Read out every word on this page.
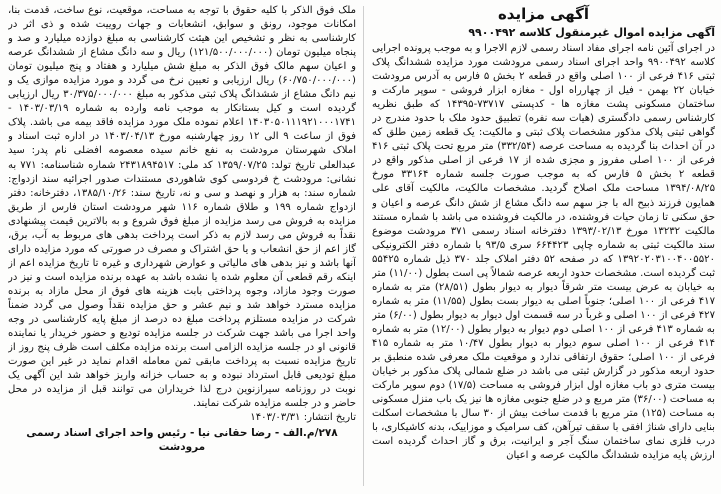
آگهی مزایده
آگهی مزایده اموال غیرمنقول کلاسه ۹۹۰۰۴۹۲
در اجرای آئین نامه اجرای مفاد اسناد رسمی لازم الاجرا و به موجب پرونده اجرایی کلاسه ۹۹۰۰۴۹۲ واحد اجرای اسناد رسمی مرودشت مورد مزایده ششدانگ پلاک ثبتی ۴۱۶ فرعی از ۱۰۰ اصلی واقع در قطعه ۲ بخش ۵ فارس به آدرس مرودشت خیابان ۲۲ بهمن - فیل از چهارراه اول - مغازه ابزار فروشی - سوپر مارکت و ساختمان مسکونی پشت مغازه ها - کدپستی ۷۳۷۱۷-۱۴۳۹۵ که طبق نظریه کارشناس رسمی دادگستری (هیات سه نفره) تطبیق حدود ملک با حدود مندرج در گواهی ثبتی پلاک مذکور مشخصات پلاک ثبتی و مالکیت: یک قطعه زمین طلق که در آن احداث بنا گردیده به مساحت عرصه (۳۳۲/۵۴) متر مربع تحت پلاک ثبتی ۴۱۶ فرعی از ۱۰۰ اصلی مفروز و مجزی شده از ۱۷ فرعی از اصلی مذکور واقع در قطعه ۲ بخش ۵ فارس که به موجب صورت جلسه شماره ۳۳۱۶۴ مورخ ۱۳۹۴/۰۸/۲۵ مساحت ملک اصلاح گردید. مشخصات مالکیت، مالکیت آقای علی همایون فرزند ذبیح اله با جز سهم سه دانگ مشاع از شش دانگ عرصه و اعیان و حق سکنی تا زمان حیات فروشنده، در مالکیت فروشنده می باشد با شماره مستند مالکیت ۱۳۲۳۲ مورخ ۱۳۹۳/۰۲/۱۳ دفترخانه اسناد رسمی ۳۷۱ مرودشت موضوع سند مالکیت ثبتی به شماره چاپی ۶۶۴۴۲۳ سری ۹۳/۵ با شماره دفتر الکترونیکی ۱۳۹۲۰۲۰۳۱۰۰۴۰۰۵۵۲۰ که در صفحه ۵۲ دفتر املاک جلد ۳۷۰ ذیل شماره ۵۵۴۲۵ ثبت گردیده است. مشخصات حدود اربعه عرصه شمالاً پی است بطول (۱۱/۰۰) متر به خیابان به عرض بیست متر شرقاً دیوار به دیوار بطول (۲۸/۵۱) متر به شماره ۴۱۷ فرعی از ۱۰۰ اصلی؛ جنوباً اصلی به دیوار بست بطول (۱۱/۵۵) متر به شماره ۴۲۷ فرعی از ۱۰۰ اصلی و غرباً در سه قسمت اول دیوار به دیوار بطول (۶/۰۰) متر به شماره ۴۱۳ فرعی از ۱۰۰ اصلی دوم دیوار به دیوار بطول (۱۲/۰۰) متر به شماره ۴۱۴ فرعی از ۱۰۰ اصلی سوم دیوار به دیوار بطول ۱۰/۴۷ متر به شماره ۴۱۵ فرعی از ۱۰۰ اصلی؛ حقوق ارتفاقی ندارد و موقعیت ملک معرفی شده منطبق بر حدود اربعه مذکور در گزارش ثبتی می باشد در ضلع شمالی پلاک مذکور بر خیابان بیست متری دو باب مغازه اول ابزار فروشی به مساحت (۱۷/۵) دوم سوپر مارکت به مساحت (۳۶/۰۰) متر مربع و در ضلع جنوبی مغازه ها نیز یک باب منزل مسکونی به مساحت (۱۲۵) متر مربع با قدمت ساخت بیش از ۳۰ سال با مشخصات اسکلت بنایی دارای شناژ افقی با سقف تیرآهن، کف سرامیک و موزاییک، بدنه کاشیکاری، با درب فلزی نمای ساختمان سنگ آجر و ایرانیت، برق و گاز احداث گردیده است ارزش پایه مزایده ششدانگ مالکیت عرصه و اعیان
ملک فوق الذکر با کلیه حقوق با توجه به مساحت، موقعیت، نوع ساخت، قدمت بنا، امکانات موجود، رونق و سوابق، انشعابات و جهات روییت شده و ذی اثر در کارشناسی به نظر و تشخیص این هیئت کارشناسی به مبلغ دوازده میلیارد و صد و پنجاه میلیون تومان (۱۲۱/۵۰۰/۰۰۰/۰۰۰) ریال و سه دانگ مشاع از ششدانگ عرصه و اعیان سهم مالک فوق الذکر به مبلغ شش میلیارد و هفتاد و پنج میلیون تومان (۶۰/۷۵۰/۰۰۰/۰۰۰) ریال ارزیابی و تعیین نرخ می گردد و مورد مزایده موازی یک و نیم دانگ مشاع از ششدانگ پلاک ثبتی مذکور به مبلغ ۳۰/۳۷۵/۰۰۰/۰۰۰ ریال ارزیابی گردیده است و کیل بستانکار به موجب نامه وارده به شماره ۱۴۰۳/۰۳/۱۹ - ۱۴۰۳۰۵۰۱۱۱۹۲۱۰۰۰۱۷۴۱ اعلام نموده ملک مورد مزایده فاقد بیمه می باشد. پلاک فوق از ساعت ۹ الی ۱۲ روز چهارشنبه مورخ ۱۴۰۳/۰۴/۱۳ در اداره ثبت اسناد و املاک شهرستان مرودشت به نفع خانم سیده معصومه افضلی نام پدر: سید عبدالعلی تاریخ تولد: ۱۳۵۹/۰۷/۲۵ کد ملی: ۲۴۳۱۸۹۴۵۱۷ شماره شناسنامه: ۷۷۱ به نشانی: مرودشت خ فردوسی کوی شاهوردی مستندات صدور اجرائیه سند ازدواج: شماره سند: به هزار و نهصد و سی و نه، تاریخ سند: ۱۳۸۵/۱۰/۲۶، دفترخانه: دفتر ازدواج شماره ۱۹۹ و طلاق شماره ۱۱۶ شهر مرودشت استان فارس از طریق مزایده به فروش می رسد مزایده از مبلغ فوق شروع و به بالاترین قیمت پیشنهادی نقداً به فروش می رسد لازم به ذکر است پرداخت بدهی های مربوط به آب، برق، گاز اعم از حق انشعاب و یا حق اشتراک و مصرف در صورتی که مورد مزایده دارای آنها باشد و نیز بدهی های مالیاتی و عوارض شهرداری و غیره تا تاریخ مزایده اعم از اینکه رقم قطعی آن معلوم شده یا نشده باشد به عهده برنده مزایده است و نیز در صورت وجود مازاد، وجوه پرداختی بابت هزینه های فوق از محل مازاد به برنده مزایده مسترد خواهد شد و نیم عشر و حق مزایده نقداً وصول می گردد ضمناً شرکت در مزایده مستلزم پرداخت مبلغ ده درصد از مبلغ پایه کارشناسی در وجه واحد اجرا می باشد جهت شرکت در جلسه مزایده تودیع و حضور خریدار یا نماینده قانونی او در جلسه مزایده الزامی است برنده مزایده مکلف است ظرف پنج روز از تاریخ مزایده نسبت به پرداخت مابقی ثمن معامله اقدام نماید در غیر این صورت مبلغ تودیعی قابل استرداد نبوده و به حساب خزانه واریز خواهد شد این آگهی یک نوبت در روزنامه سیرازنوین درج لذا خریداران می توانند قبل از مزایده در محل حاضر و در جلسه مزایده شرکت نمایند.
تاریخ انتشار: ۱۴۰۳/۰۳/۳۱
۲۷۸/م.الف - رضا حقانی نیا - رئیس واحد اجرای اسناد رسمی مرودشت
